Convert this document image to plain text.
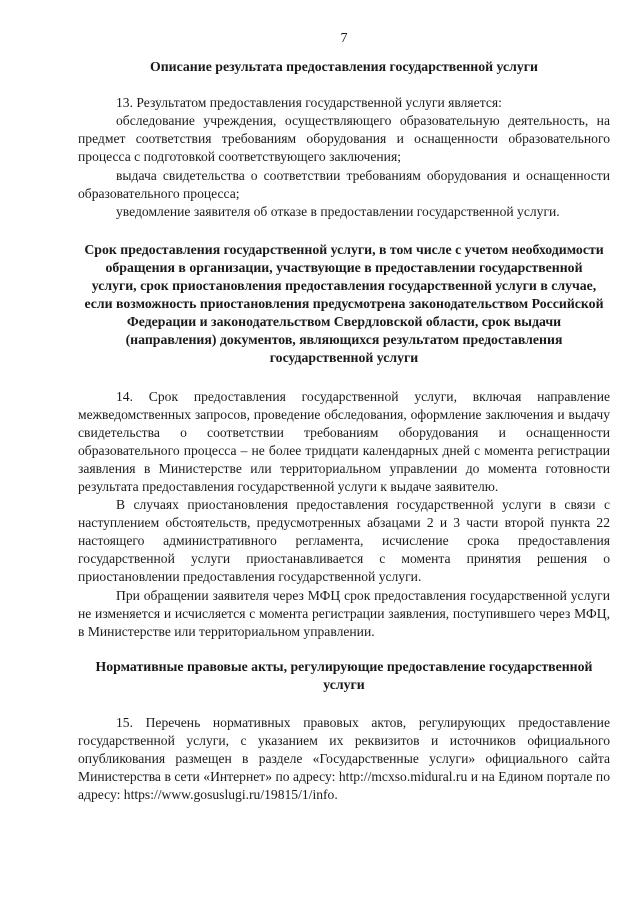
7
Описание результата предоставления государственной услуги

13. Результатом предоставления государственной услуги является:

обследование учреждения, осуществляющего образовательную деятельность, на предмет соответствия требованиям оборудования и оснащенности образовательного процесса с подготовкой соответствующего заключения;

выдача свидетельства о соответствии требованиям оборудования и оснащенности образовательного процесса;

уведомление заявителя об отказе в предоставлении государственной услуги.

Срок предоставления государственной услуги, в том числе с учетом необходимости обращения в организации, участвующие в предоставлении государственной услуги, срок приостановления предоставления государственной услуги в случае, если возможность приостановления предусмотрена законодательством Российской Федерации и законодательством Свердловской области, срок выдачи (направления) документов, являющихся результатом предоставления государственной услуги

14. Срок предоставления государственной услуги, включая направление межведомственных запросов, проведение обследования, оформление заключения и выдачу свидетельства о соответствии требованиям оборудования и оснащенности образовательного процесса – не более тридцати календарных дней с момента регистрации заявления в Министерстве или территориальном управлении до момента готовности результата предоставления государственной услуги к выдаче заявителю.

В случаях приостановления предоставления государственной услуги в связи с наступлением обстоятельств, предусмотренных абзацами 2 и 3 части второй пункта 22 настоящего административного регламента, исчисление срока предоставления государственной услуги приостанавливается с момента принятия решения о приостановлении предоставления государственной услуги.

При обращении заявителя через МФЦ срок предоставления государственной услуги не изменяется и исчисляется с момента регистрации заявления, поступившего через МФЦ, в Министерстве или территориальном управлении.

Нормативные правовые акты, регулирующие предоставление государственной услуги

15. Перечень нормативных правовых актов, регулирующих предоставление государственной услуги, с указанием их реквизитов и источников официального опубликования размещен в разделе «Государственные услуги» официального сайта Министерства в сети «Интернет» по адресу: http://mcxso.midural.ru и на Едином портале по адресу: https://www.gosuslugi.ru/19815/1/info.
